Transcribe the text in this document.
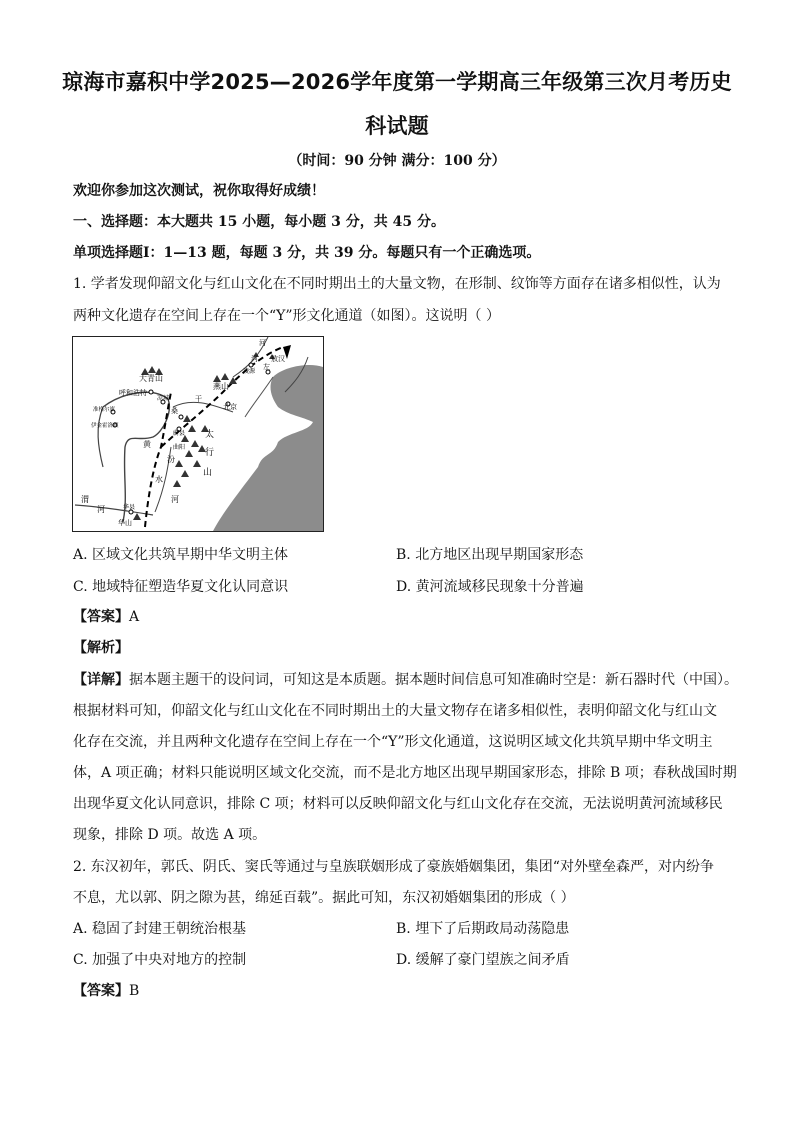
琼海市嘉积中学2025—2026学年度第一学期高三年级第三次月考历史
科试题
（时间：90 分钟 满分：100 分）
欢迎你参加这次测试，祝你取得好成绩！
一、选择题：本大题共 15 小题，每小题 3 分，共 45 分。
单项选择题Ⅰ：1—13 题，每题 3 分，共 39 分。每题只有一个正确选项。
1. 学者发现仰韶文化与红山文化在不同时期出土的大量文物，在形制、纹饰等方面存在诸多相似性，认为
两种文化遗存在空间上存在一个“Y”形文化通道（如图）。这说明（ ）
大青山
呼和浩特
准格尔旗
伊金霍洛旗
凉城
燕山
北京
凌源
左
敖汉
河
河
桑
干
蔚县
曲阳
太
行
山
黄
汾
水
河
渭
河
华山
华县
A. 区域文化共筑早期中华文明主体	B. 北方地区出现早期国家形态
C. 地域特征塑造华夏文化认同意识	D. 黄河流域移民现象十分普遍
【答案】A
【解析】
【详解】据本题主题干的设问词，可知这是本质题。据本题时间信息可知准确时空是：新石器时代（中国）。
根据材料可知，仰韶文化与红山文化在不同时期出土的大量文物存在诸多相似性，表明仰韶文化与红山文
化存在交流，并且两种文化遗存在空间上存在一个“Y”形文化通道，这说明区域文化共筑早期中华文明主
体，A 项正确；材料只能说明区域文化交流，而不是北方地区出现早期国家形态，排除 B 项；春秋战国时期
出现华夏文化认同意识，排除 C 项；材料可以反映仰韶文化与红山文化存在交流，无法说明黄河流域移民
现象，排除 D 项。故选 A 项。
2. 东汉初年，郭氏、阴氏、窦氏等通过与皇族联姻形成了豪族婚姻集团，集团“对外壁垒森严，对内纷争
不息，尤以郭、阴之隙为甚，绵延百载”。据此可知，东汉初婚姻集团的形成（ ）
A. 稳固了封建王朝统治根基	B. 埋下了后期政局动荡隐患
C. 加强了中央对地方的控制	D. 缓解了豪门望族之间矛盾
【答案】B
